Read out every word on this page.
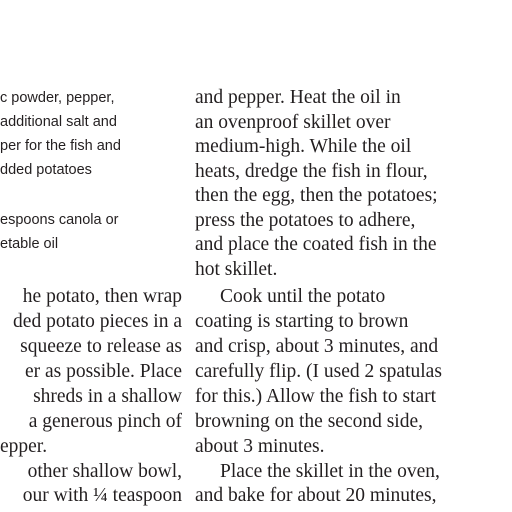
c powder, pepper,
additional salt and
per for the fish and
dded potatoes
espoons canola or
etable oil
he potato, then wrap
ded potato pieces in a
squeeze to release as
er as possible. Place
shreds in a shallow
a generous pinch of
epper.
other shallow bowl,
our with ¼ teaspoon
and pepper. Heat the oil in
an ovenproof skillet over
medium-high. While the oil
heats, dredge the fish in flour,
then the egg, then the potatoes;
press the potatoes to adhere,
and place the coated fish in the
hot skillet.
Cook until the potato
coating is starting to brown
and crisp, about 3 minutes, and
carefully flip. (I used 2 spatulas
for this.) Allow the fish to start
browning on the second side,
about 3 minutes.
Place the skillet in the oven,
and bake for about 20 minutes,
